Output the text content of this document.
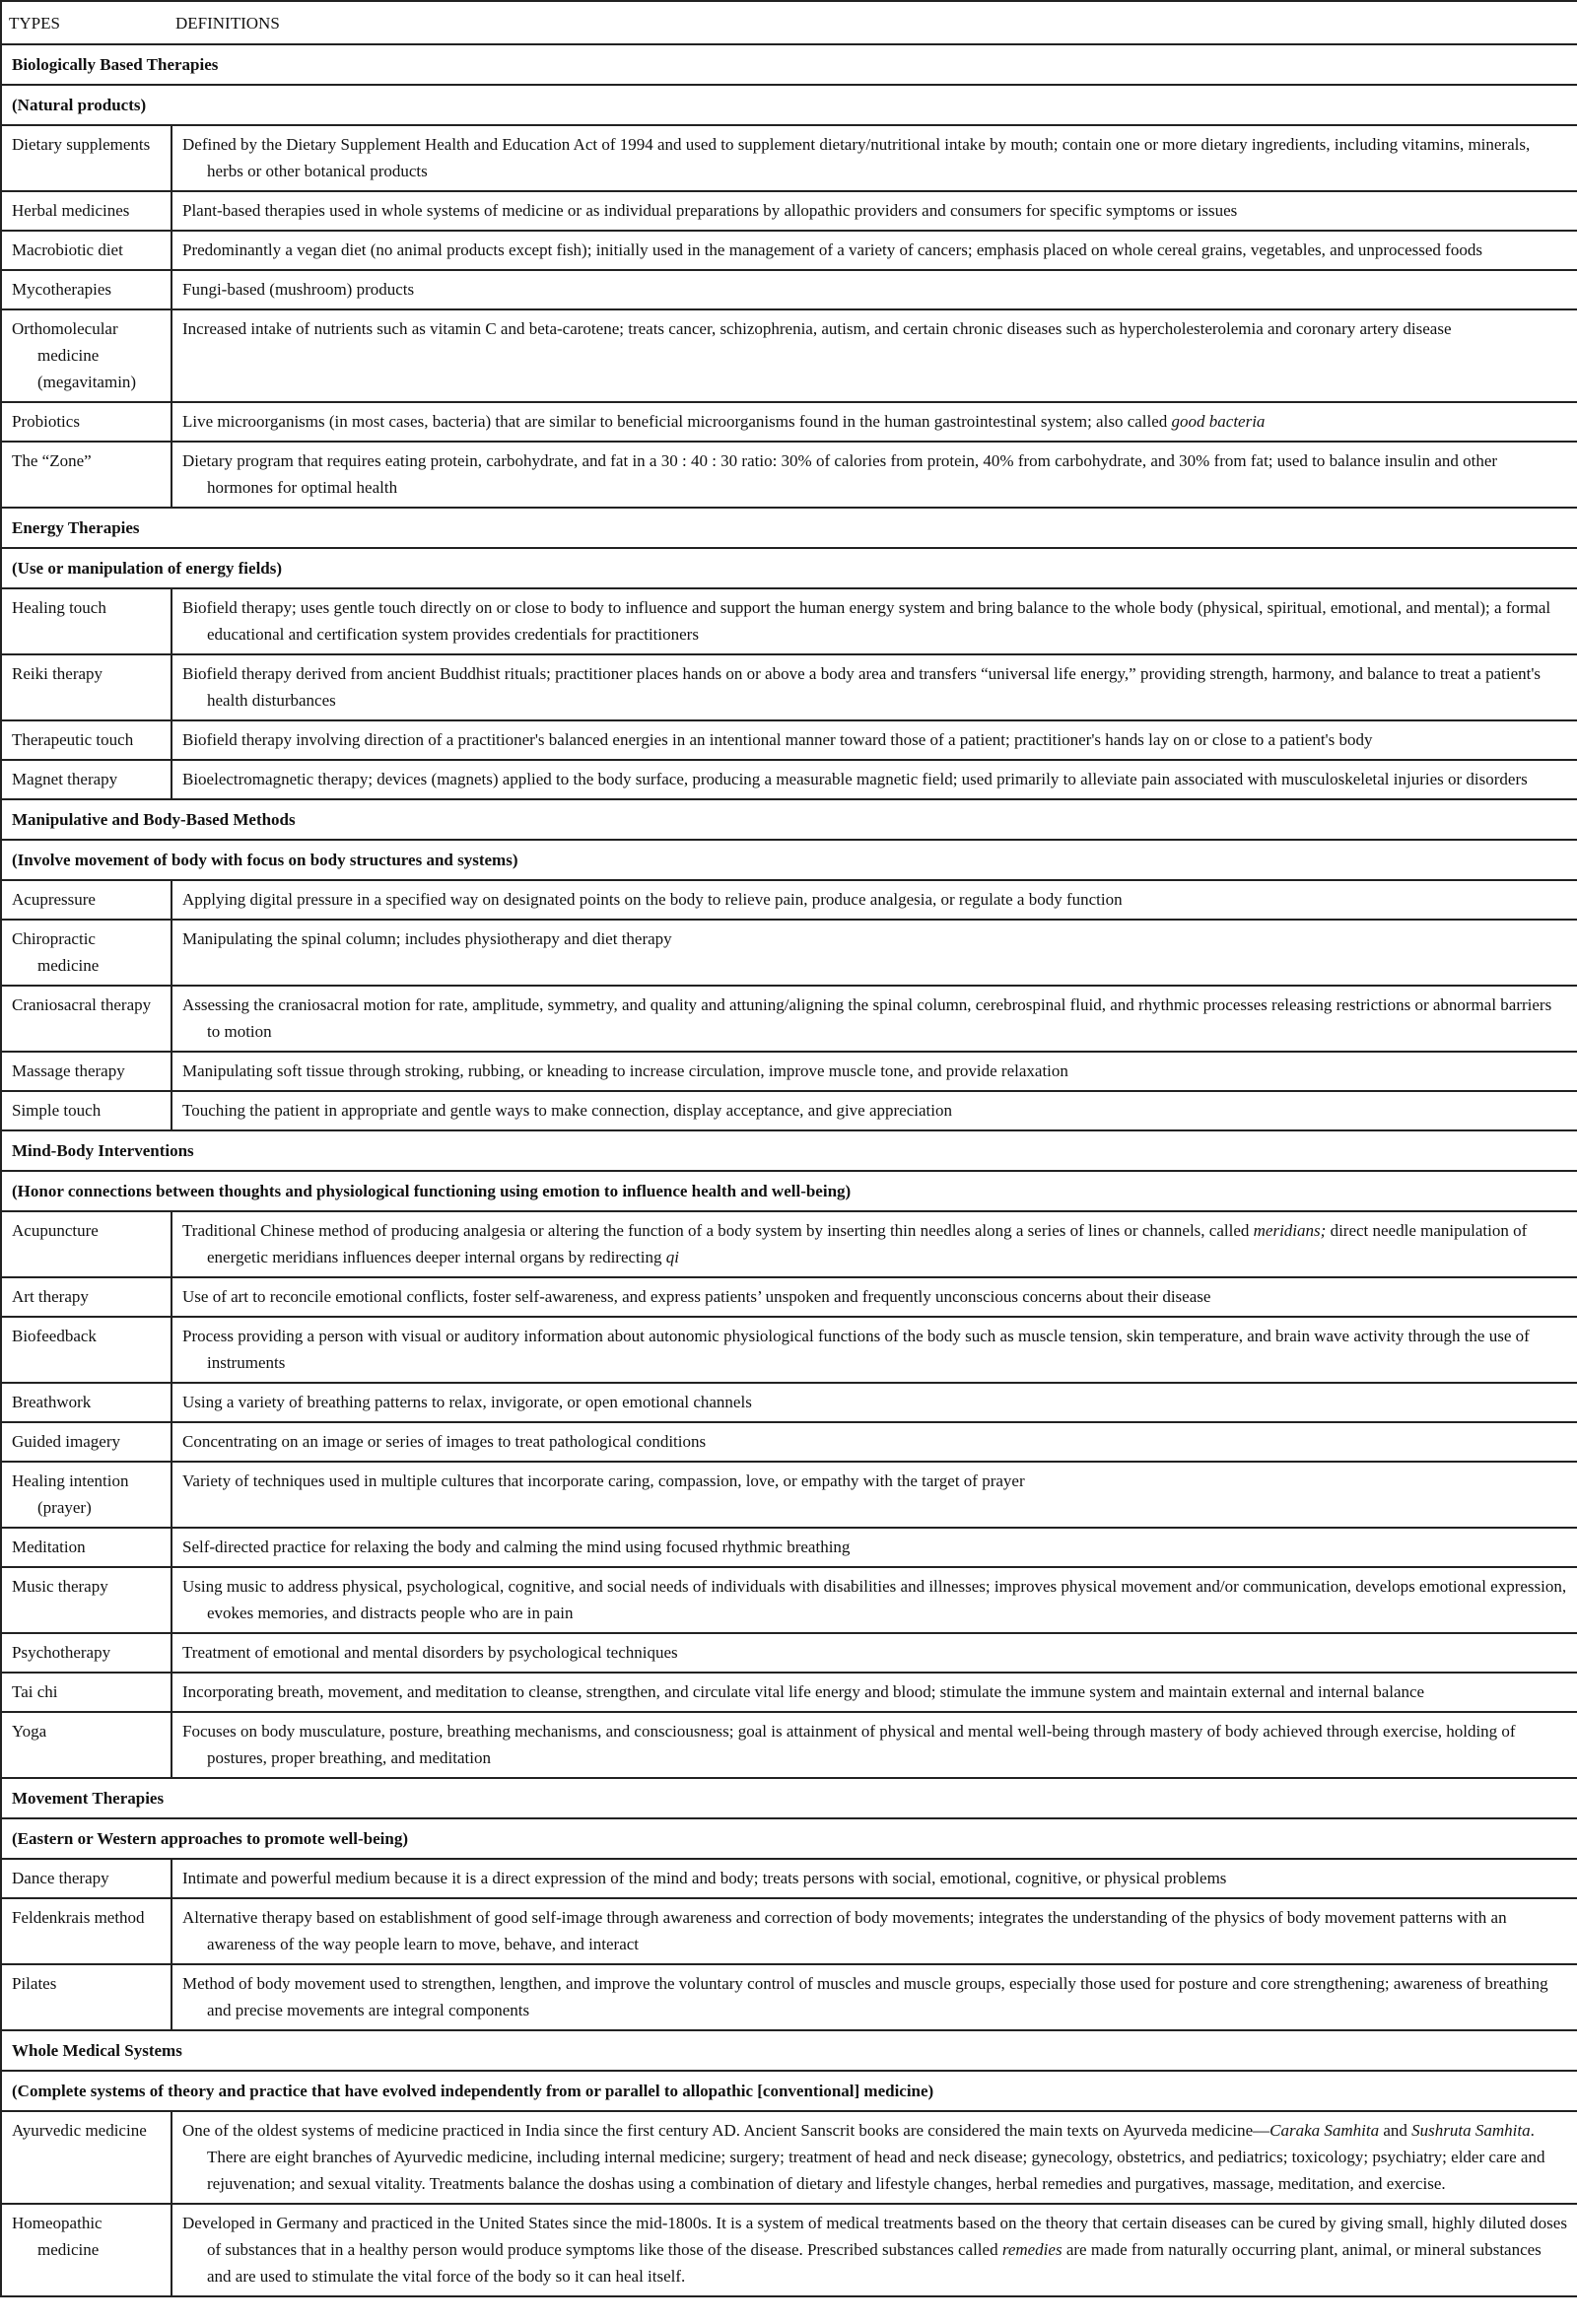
TYPES	DEFINITIONS
Biologically Based Therapies	
(Natural products)	

Dietary supplements	Defined by the Dietary Supplement Health and Education Act of 1994 and used to supplement dietary/nutritional intake by mouth; contain one or more dietary ingredients, including vitamins, minerals, herbs or other botanical products

Herbal medicines	Plant-based therapies used in whole systems of medicine or as individual preparations by allopathic providers and consumers for specific symptoms or issues

Macrobiotic diet	Predominantly a vegan diet (no animal products except fish); initially used in the management of a variety of cancers; emphasis placed on whole cereal grains, vegetables, and unprocessed foods

Mycotherapies	Fungi-based (mushroom) products

Orthomolecular medicine (megavitamin)	Increased intake of nutrients such as vitamin C and beta-carotene; treats cancer, schizophrenia, autism, and certain chronic diseases such as hypercholesterolemia and coronary artery disease

Probiotics	Live microorganisms (in most cases, bacteria) that are similar to beneficial microorganisms found in the human gastrointestinal system; also called good bacteria

The “Zone”	Dietary program that requires eating protein, carbohydrate, and fat in a 30 : 40 : 30 ratio: 30% of calories from protein, 40% from carbohydrate, and 30% from fat; used to balance insulin and other hormones for optimal health

Energy Therapies	
(Use or manipulation of energy fields)	

Healing touch	Biofield therapy; uses gentle touch directly on or close to body to influence and support the human energy system and bring balance to the whole body (physical, spiritual, emotional, and mental); a formal educational and certification system provides credentials for practitioners

Reiki therapy	Biofield therapy derived from ancient Buddhist rituals; practitioner places hands on or above a body area and transfers “universal life energy,” providing strength, harmony, and balance to treat a patient's health disturbances

Therapeutic touch	Biofield therapy involving direction of a practitioner's balanced energies in an intentional manner toward those of a patient; practitioner's hands lay on or close to a patient's body

Magnet therapy	Bioelectromagnetic therapy; devices (magnets) applied to the body surface, producing a measurable magnetic field; used primarily to alleviate pain associated with musculoskeletal injuries or disorders

Manipulative and Body-Based Methods	
(Involve movement of body with focus on body structures and systems)	

Acupressure	Applying digital pressure in a specified way on designated points on the body to relieve pain, produce analgesia, or regulate a body function

Chiropractic medicine	Manipulating the spinal column; includes physiotherapy and diet therapy

Craniosacral therapy	Assessing the craniosacral motion for rate, amplitude, symmetry, and quality and attuning/aligning the spinal column, cerebrospinal fluid, and rhythmic processes releasing restrictions or abnormal barriers to motion

Massage therapy	Manipulating soft tissue through stroking, rubbing, or kneading to increase circulation, improve muscle tone, and provide relaxation

Simple touch	Touching the patient in appropriate and gentle ways to make connection, display acceptance, and give appreciation

Mind-Body Interventions	
(Honor connections between thoughts and physiological functioning using emotion to influence health and well-being)	

Acupuncture	Traditional Chinese method of producing analgesia or altering the function of a body system by inserting thin needles along a series of lines or channels, called meridians; direct needle manipulation of energetic meridians influences deeper internal organs by redirecting qi

Art therapy	Use of art to reconcile emotional conflicts, foster self-awareness, and express patients’ unspoken and frequently unconscious concerns about their disease

Biofeedback	Process providing a person with visual or auditory information about autonomic physiological functions of the body such as muscle tension, skin temperature, and brain wave activity through the use of instruments

Breathwork	Using a variety of breathing patterns to relax, invigorate, or open emotional channels

Guided imagery	Concentrating on an image or series of images to treat pathological conditions

Healing intention (prayer)	Variety of techniques used in multiple cultures that incorporate caring, compassion, love, or empathy with the target of prayer

Meditation	Self-directed practice for relaxing the body and calming the mind using focused rhythmic breathing

Music therapy	Using music to address physical, psychological, cognitive, and social needs of individuals with disabilities and illnesses; improves physical movement and/or communication, develops emotional expression, evokes memories, and distracts people who are in pain

Psychotherapy	Treatment of emotional and mental disorders by psychological techniques

Tai chi	Incorporating breath, movement, and meditation to cleanse, strengthen, and circulate vital life energy and blood; stimulate the immune system and maintain external and internal balance

Yoga	Focuses on body musculature, posture, breathing mechanisms, and consciousness; goal is attainment of physical and mental well-being through mastery of body achieved through exercise, holding of postures, proper breathing, and meditation

Movement Therapies	
(Eastern or Western approaches to promote well-being)	

Dance therapy	Intimate and powerful medium because it is a direct expression of the mind and body; treats persons with social, emotional, cognitive, or physical problems

Feldenkrais method	Alternative therapy based on establishment of good self-image through awareness and correction of body movements; integrates the understanding of the physics of body movement patterns with an awareness of the way people learn to move, behave, and interact

Pilates	Method of body movement used to strengthen, lengthen, and improve the voluntary control of muscles and muscle groups, especially those used for posture and core strengthening; awareness of breathing and precise movements are integral components

Whole Medical Systems	
(Complete systems of theory and practice that have evolved independently from or parallel to allopathic [conventional] medicine)	

Ayurvedic medicine	One of the oldest systems of medicine practiced in India since the first century AD. Ancient Sanscrit books are considered the main texts on Ayurveda medicine—Caraka Samhita and Sushruta Samhita. There are eight branches of Ayurvedic medicine, including internal medicine; surgery; treatment of head and neck disease; gynecology, obstetrics, and pediatrics; toxicology; psychiatry; elder care and rejuvenation; and sexual vitality. Treatments balance the doshas using a combination of dietary and lifestyle changes, herbal remedies and purgatives, massage, meditation, and exercise.

Homeopathic medicine	Developed in Germany and practiced in the United States since the mid-1800s. It is a system of medical treatments based on the theory that certain diseases can be cured by giving small, highly diluted doses of substances that in a healthy person would produce symptoms like those of the disease. Prescribed substances called remedies are made from naturally occurring plant, animal, or mineral substances and are used to stimulate the vital force of the body so it can heal itself.
